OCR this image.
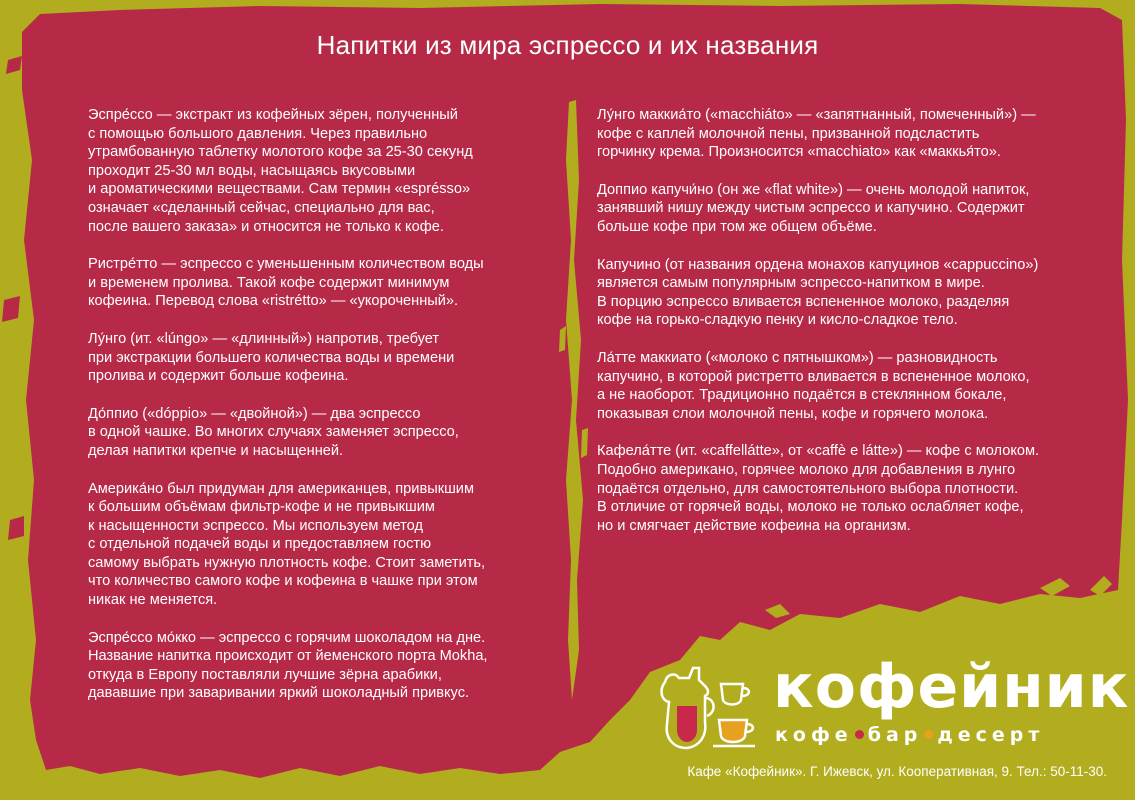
Напитки из мира эспрессо и их названия

Эспре́ссо — экстракт из кофейных зёрен, полученный
с помощью большого давления. Через правильно
утрамбованную таблетку молотого кофе за 25-30 секунд
проходит 25-30 мл воды, насыщаясь вкусовыми
и ароматическими веществами. Сам термин «esprésso»
означает «сделанный сейчас, специально для вас,
после вашего заказа» и относится не только к кофе.

Ристре́тто — эспрессо с уменьшенным количеством воды
и временем пролива. Такой кофе содержит минимум
кофеина. Перевод слова «ristrétto» — «укороченный».

Лу́нго (ит. «lúngo» — «длинный») напротив, требует
при экстракции большего количества воды и времени
пролива и содержит больше кофеина.

До́ппио («dóppio» — «двойной») — два эспрессо
в одной чашке. Во многих случаях заменяет эспрессо,
делая напитки крепче и насыщенней.

Америка́но был придуман для американцев, привыкшим
к большим объёмам фильтр-кофе и не привыкшим
к насыщенности эспрессо. Мы используем метод
с отдельной подачей воды и предоставляем гостю
самому выбрать нужную плотность кофе. Стоит заметить,
что количество самого кофе и кофеина в чашке при этом
никак не меняется.

Эспре́ссо мо́кко — эспрессо с горячим шоколадом на дне.
Название напитка происходит от йеменского порта Mokha,
откуда в Европу поставляли лучшие зёрна арабики,
дававшие при заваривании яркий шоколадный привкус.

Лу́нго маккиа́то («macchiáto» — «запятнанный, помеченный») —
кофе с каплей молочной пены, призванной подсластить
горчинку крема. Произносится «macchiato» как «маккья́то».

Доппио капучи́но (он же «flat white») — очень молодой напиток,
занявший нишу между чистым эспрессо и капучино. Содержит
больше кофе при том же общем объёме.

Капучино (от названия ордена монахов капуцинов «cappuccino»)
является самым популярным эспрессо-напитком в мире.
В порцию эспрессо вливается вспененное молоко, разделяя
кофе на горько-сладкую пенку и кисло-сладкое тело.

Ла́тте маккиато («молоко с пятнышком») — разновидность
капучино, в которой ристретто вливается в вспененное молоко,
а не наоборот. Традиционно подаётся в стеклянном бокале,
показывая слои молочной пены, кофе и горячего молока.

Кафела́тте (ит. «caffellátte», от «caffè e látte») — кофе с молоком.
Подобно американо, горячее молоко для добавления в лунго
подаётся отдельно, для самостоятельного выбора плотности.
В отличие от горячей воды, молоко не только ослабляет кофе,
но и смягчает действие кофеина на организм.

кофейник
кофе бар десерт
Кафе «Кофейник». Г. Ижевск, ул. Кооперативная, 9. Тел.: 50-11-30.
